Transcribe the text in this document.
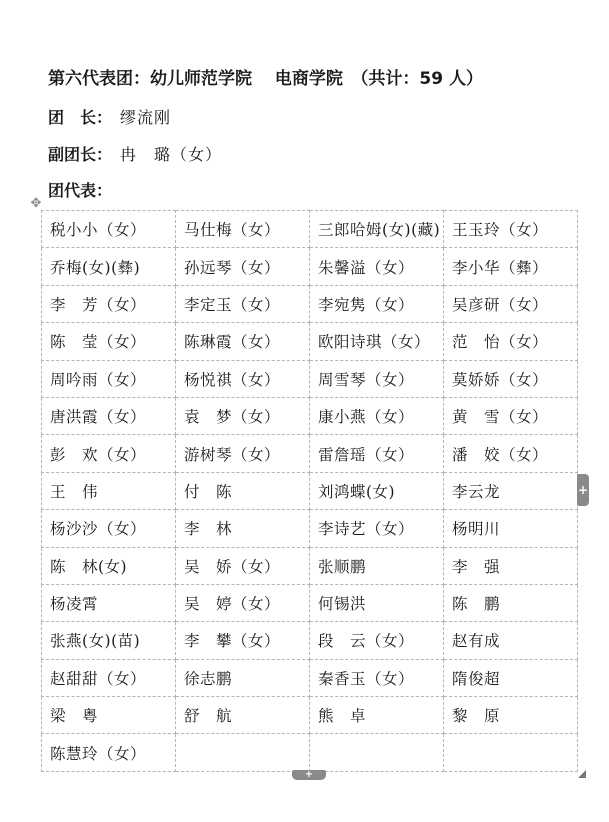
第六代表团：幼儿师范学院　 电商学院　（共计：59 人）
团　长： 缪流刚
副团长： 冉　璐（女）
团代表：
✥
税小小（女）	马仕梅（女）	三郎哈姆(女)(藏)	王玉玲（女）
乔梅(女)(彝)	孙远琴（女）	朱馨溢（女）	李小华（彝）
李　芳（女）	李定玉（女）	李宛隽（女）	吴彦研（女）
陈　莹（女）	陈琳霞（女）	欧阳诗琪（女）	范　怡（女）
周吟雨（女）	杨悦祺（女）	周雪琴（女）	莫娇娇（女）
唐洪霞（女）	袁　梦（女）	康小燕（女）	黄　雪（女）
彭　欢（女）	游树琴（女）	雷詹瑶（女）	潘　姣（女）
王　伟	付　陈	刘鸿蝶(女)	李云龙
杨沙沙（女）	李　林	李诗艺（女）	杨明川
陈　林(女)	吴　娇（女）	张顺鹏	李　强
杨凌霄	吴　婷（女）	何锡洪	陈　鹏
张燕(女)(苗)	李　攀（女）	段　云（女）	赵有成
赵甜甜（女）	徐志鹏	秦香玉（女）	隋俊超
梁　粤	舒　航	熊　卓	黎　原
陈慧玲（女）			
+
+
